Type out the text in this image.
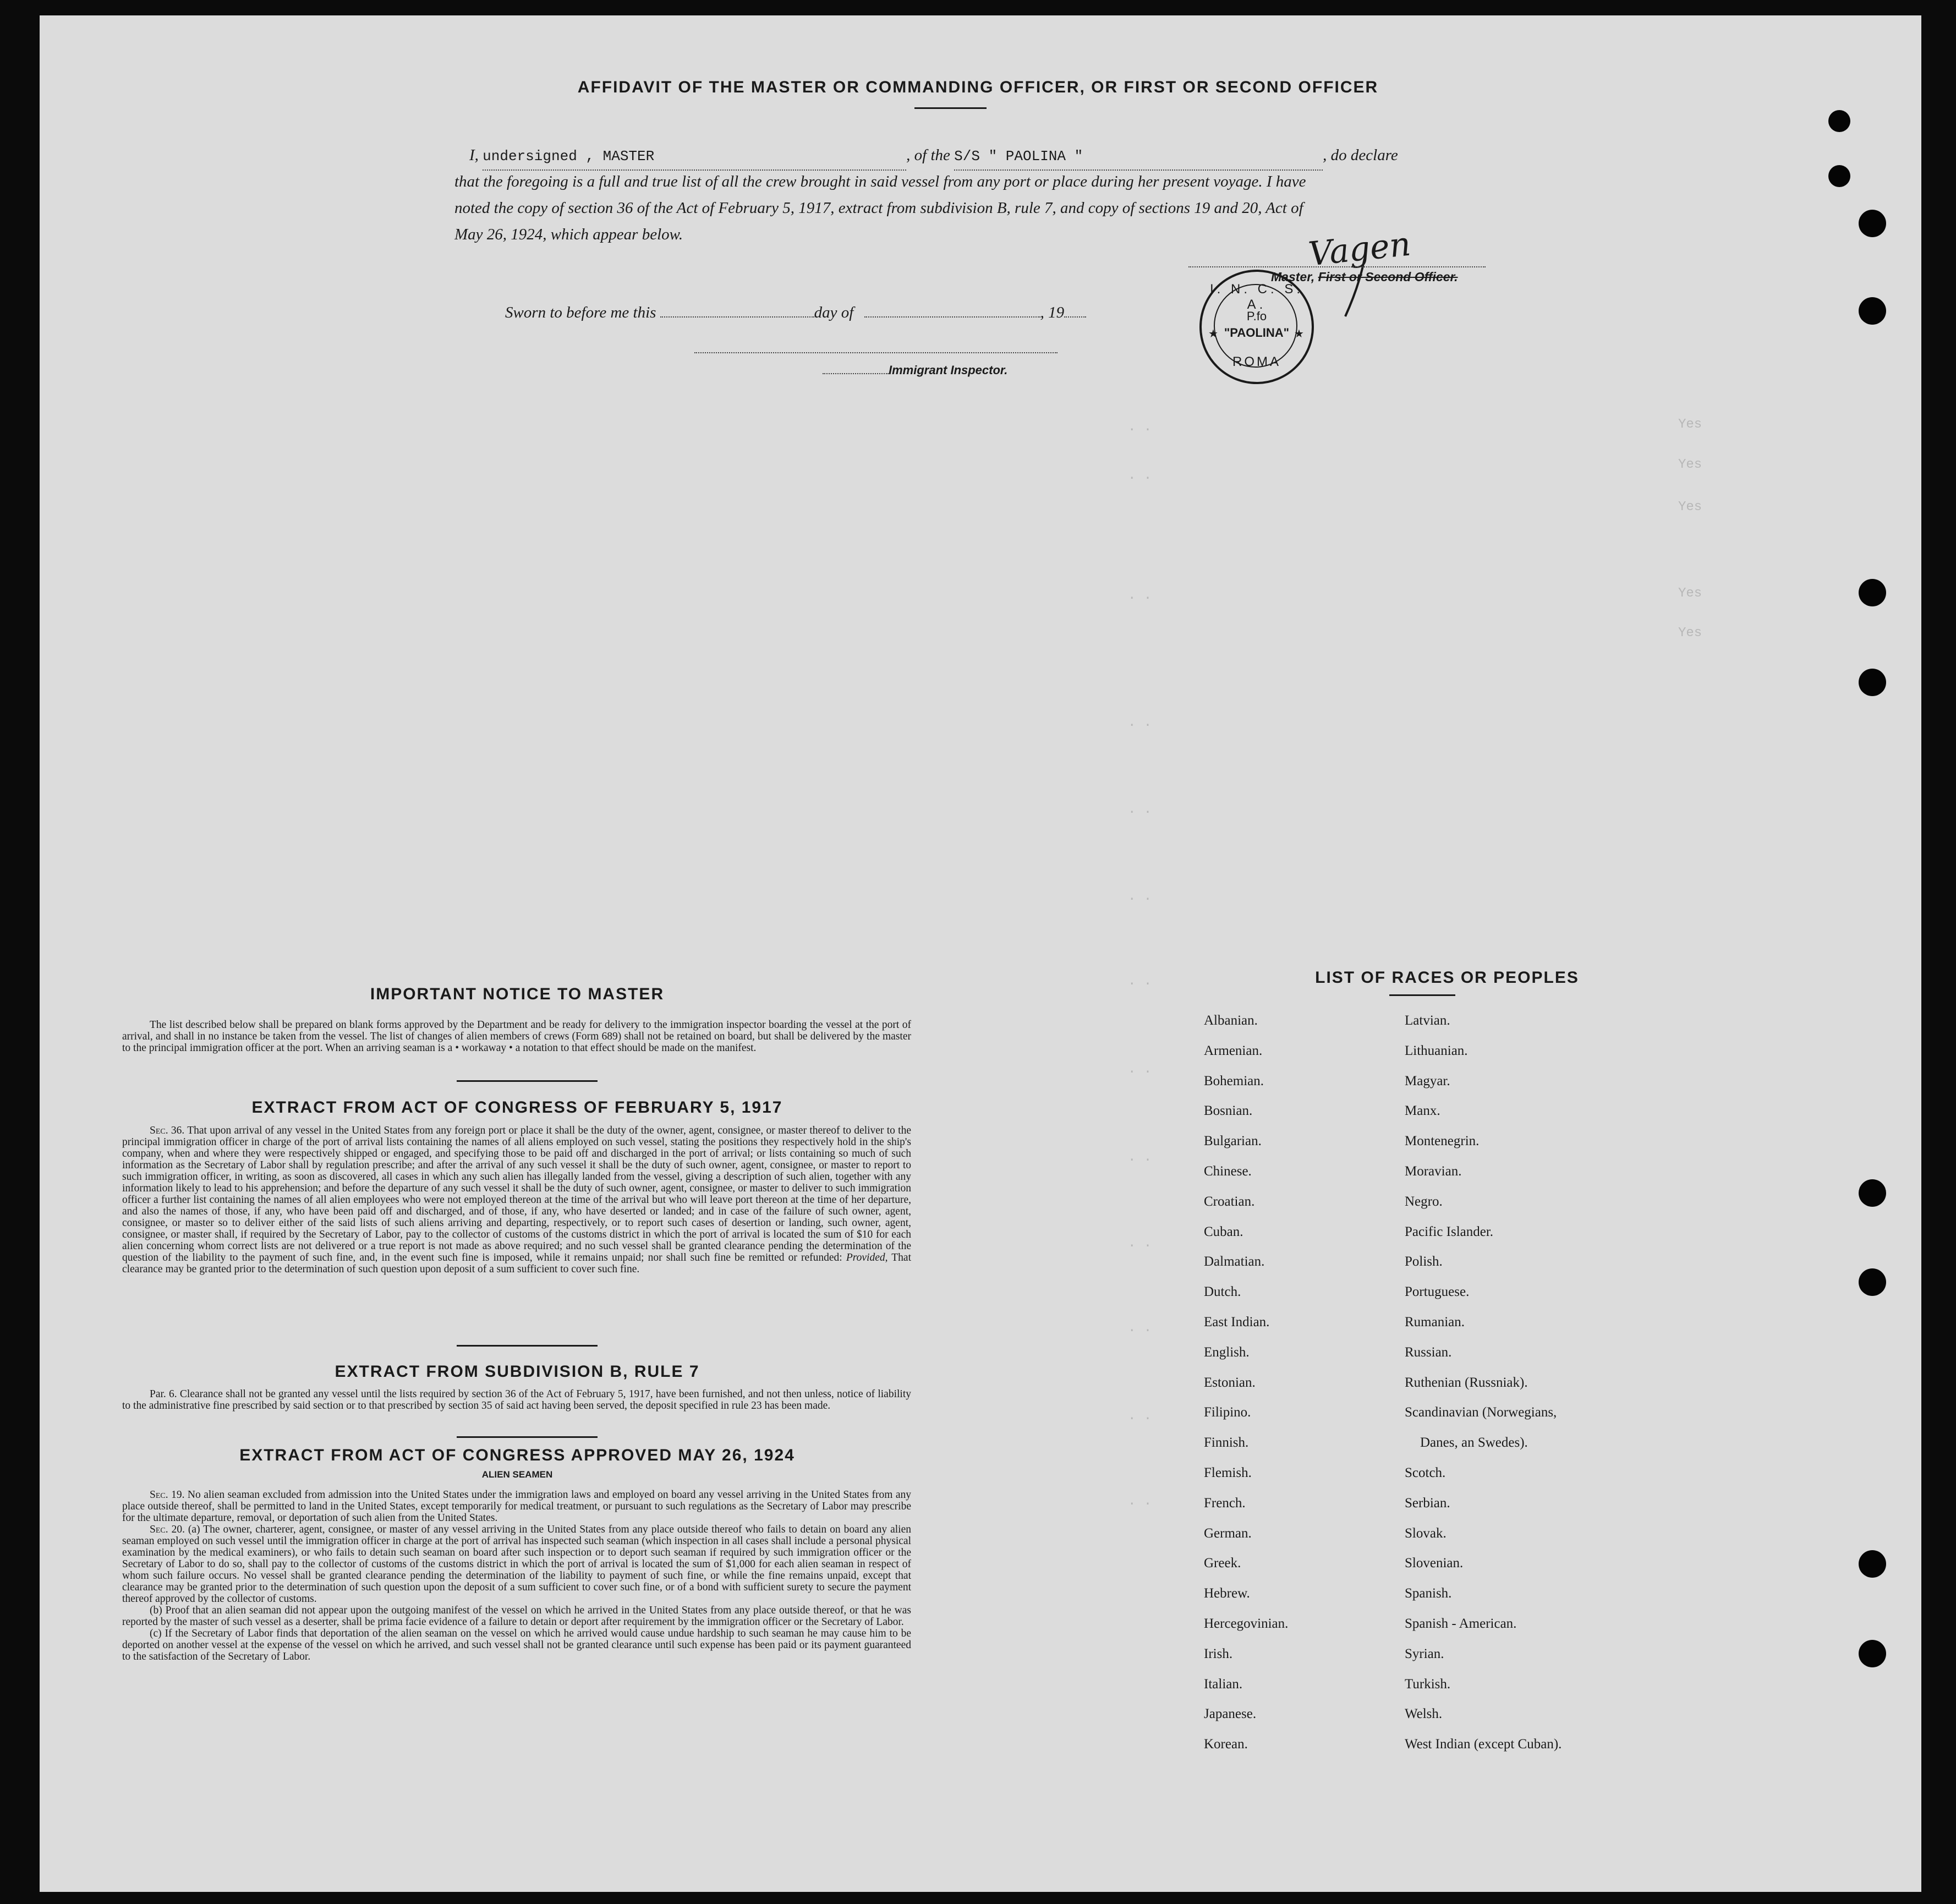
Yes
Yes
Yes
Yes
Yes
. .
. .
. .
. .
. .
. .
. .
. .
. .
. .
. .
. .
. .
AFFIDAVIT OF THE MASTER OR COMMANDING OFFICER, OR FIRST OR SECOND OFFICER
I, undersigned , MASTER	, of the S/S " PAOLINA "	, do declare
that the foregoing is a full and true list of all the crew brought in said vessel from any port or place during her present voyage. I have
noted the copy of section 36 of the Act of February 5, 1917, extract from subdivision B, rule 7, and copy of sections 19 and 20, Act of
May 26, 1924, which appear below.	Vagen
Master, First or Second Officer.
Sworn to before me this	day of	, 19
Immigrant Inspector.
I. N. C. S. A.
P.fo
"PAOLINA"
ROMA
★	★
IMPORTANT NOTICE TO MASTER

The list described below shall be prepared on blank forms approved by the Department and be ready for delivery to the immigration inspector boarding the vessel at the port of arrival, and shall in no instance be taken from the vessel. The list of changes of alien members of crews (Form 689) shall not be retained on board, but shall be delivered by the master to the principal immigration officer at the port. When an arriving seaman is a • workaway • a notation to that effect should be made on the manifest.

EXTRACT FROM ACT OF CONGRESS OF FEBRUARY 5, 1917

Sec. 36. That upon arrival of any vessel in the United States from any foreign port or place it shall be the duty of the owner, agent, consignee, or master thereof to deliver to the principal immigration officer in charge of the port of arrival lists containing the names of all aliens employed on such vessel, stating the positions they respectively hold in the ship's company, when and where they were respectively shipped or engaged, and specifying those to be paid off and discharged in the port of arrival; or lists containing so much of such information as the Secretary of Labor shall by regulation prescribe; and after the arrival of any such vessel it shall be the duty of such owner, agent, consignee, or master to report to such immigration officer, in writing, as soon as discovered, all cases in which any such alien has illegally landed from the vessel, giving a description of such alien, together with any information likely to lead to his apprehension; and before the departure of any such vessel it shall be the duty of such owner, agent, consignee, or master to deliver to such immigration officer a further list containing the names of all alien employees who were not employed thereon at the time of the arrival but who will leave port thereon at the time of her departure, and also the names of those, if any, who have been paid off and discharged, and of those, if any, who have deserted or landed; and in case of the failure of such owner, agent, consignee, or master so to deliver either of the said lists of such aliens arriving and departing, respectively, or to report such cases of desertion or landing, such owner, agent, consignee, or master shall, if required by the Secretary of Labor, pay to the collector of customs of the customs district in which the port of arrival is located the sum of $10 for each alien concerning whom correct lists are not delivered or a true report is not made as above required; and no such vessel shall be granted clearance pending the determination of the question of the liability to the payment of such fine, and, in the event such fine is imposed, while it remains unpaid; nor shall such fine be remitted or refunded: Provided, That clearance may be granted prior to the determination of such question upon deposit of a sum sufficient to cover such fine.

EXTRACT FROM SUBDIVISION B, RULE 7

Par. 6. Clearance shall not be granted any vessel until the lists required by section 36 of the Act of February 5, 1917, have been furnished, and not then unless, notice of liability to the administrative fine prescribed by said section or to that prescribed by section 35 of said act having been served, the deposit specified in rule 23 has been made.

EXTRACT FROM ACT OF CONGRESS APPROVED MAY 26, 1924
ALIEN SEAMEN

Sec. 19. No alien seaman excluded from admission into the United States under the immigration laws and employed on board any vessel arriving in the United States from any place outside thereof, shall be permitted to land in the United States, except temporarily for medical treatment, or pursuant to such regulations as the Secretary of Labor may prescribe for the ultimate departure, removal, or deportation of such alien from the United States.

Sec. 20. (a) The owner, charterer, agent, consignee, or master of any vessel arriving in the United States from any place outside thereof who fails to detain on board any alien seaman employed on such vessel until the immigration officer in charge at the port of arrival has inspected such seaman (which inspection in all cases shall include a personal physical examination by the medical examiners), or who fails to detain such seaman on board after such inspection or to deport such seaman if required by such immigration officer or the Secretary of Labor to do so, shall pay to the collector of customs of the customs district in which the port of arrival is located the sum of $1,000 for each alien seaman in respect of whom such failure occurs. No vessel shall be granted clearance pending the determination of the liability to payment of such fine, or while the fine remains unpaid, except that clearance may be granted prior to the determination of such question upon the deposit of a sum sufficient to cover such fine, or of a bond with sufficient surety to secure the payment thereof approved by the collector of customs.

(b) Proof that an alien seaman did not appear upon the outgoing manifest of the vessel on which he arrived in the United States from any place outside thereof, or that he was reported by the master of such vessel as a deserter, shall be prima facie evidence of a failure to detain or deport after requirement by the immigration officer or the Secretary of Labor.

(c) If the Secretary of Labor finds that deportation of the alien seaman on the vessel on which he arrived would cause undue hardship to such seaman he may cause him to be deported on another vessel at the expense of the vessel on which he arrived, and such vessel shall not be granted clearance until such expense has been paid or its payment guaranteed to the satisfaction of the Secretary of Labor.

LIST OF RACES OR PEOPLES
Albanian.
Armenian.
Bohemian.
Bosnian.
Bulgarian.
Chinese.
Croatian.
Cuban.
Dalmatian.
Dutch.
East Indian.
English.
Estonian.
Filipino.
Finnish.
Flemish.
French.
German.
Greek.
Hebrew.
Hercegovinian.
Irish.
Italian.
Japanese.
Korean.
Latvian.
Lithuanian.
Magyar.
Manx.
Montenegrin.
Moravian.
Negro.
Pacific Islander.
Polish.
Portuguese.
Rumanian.
Russian.
Ruthenian (Russniak).
Scandinavian (Norwegians,
Danes, an Swedes).
Scotch.
Serbian.
Slovak.
Slovenian.
Spanish.
Spanish - American.
Syrian.
Turkish.
Welsh.
West Indian (except Cuban).
